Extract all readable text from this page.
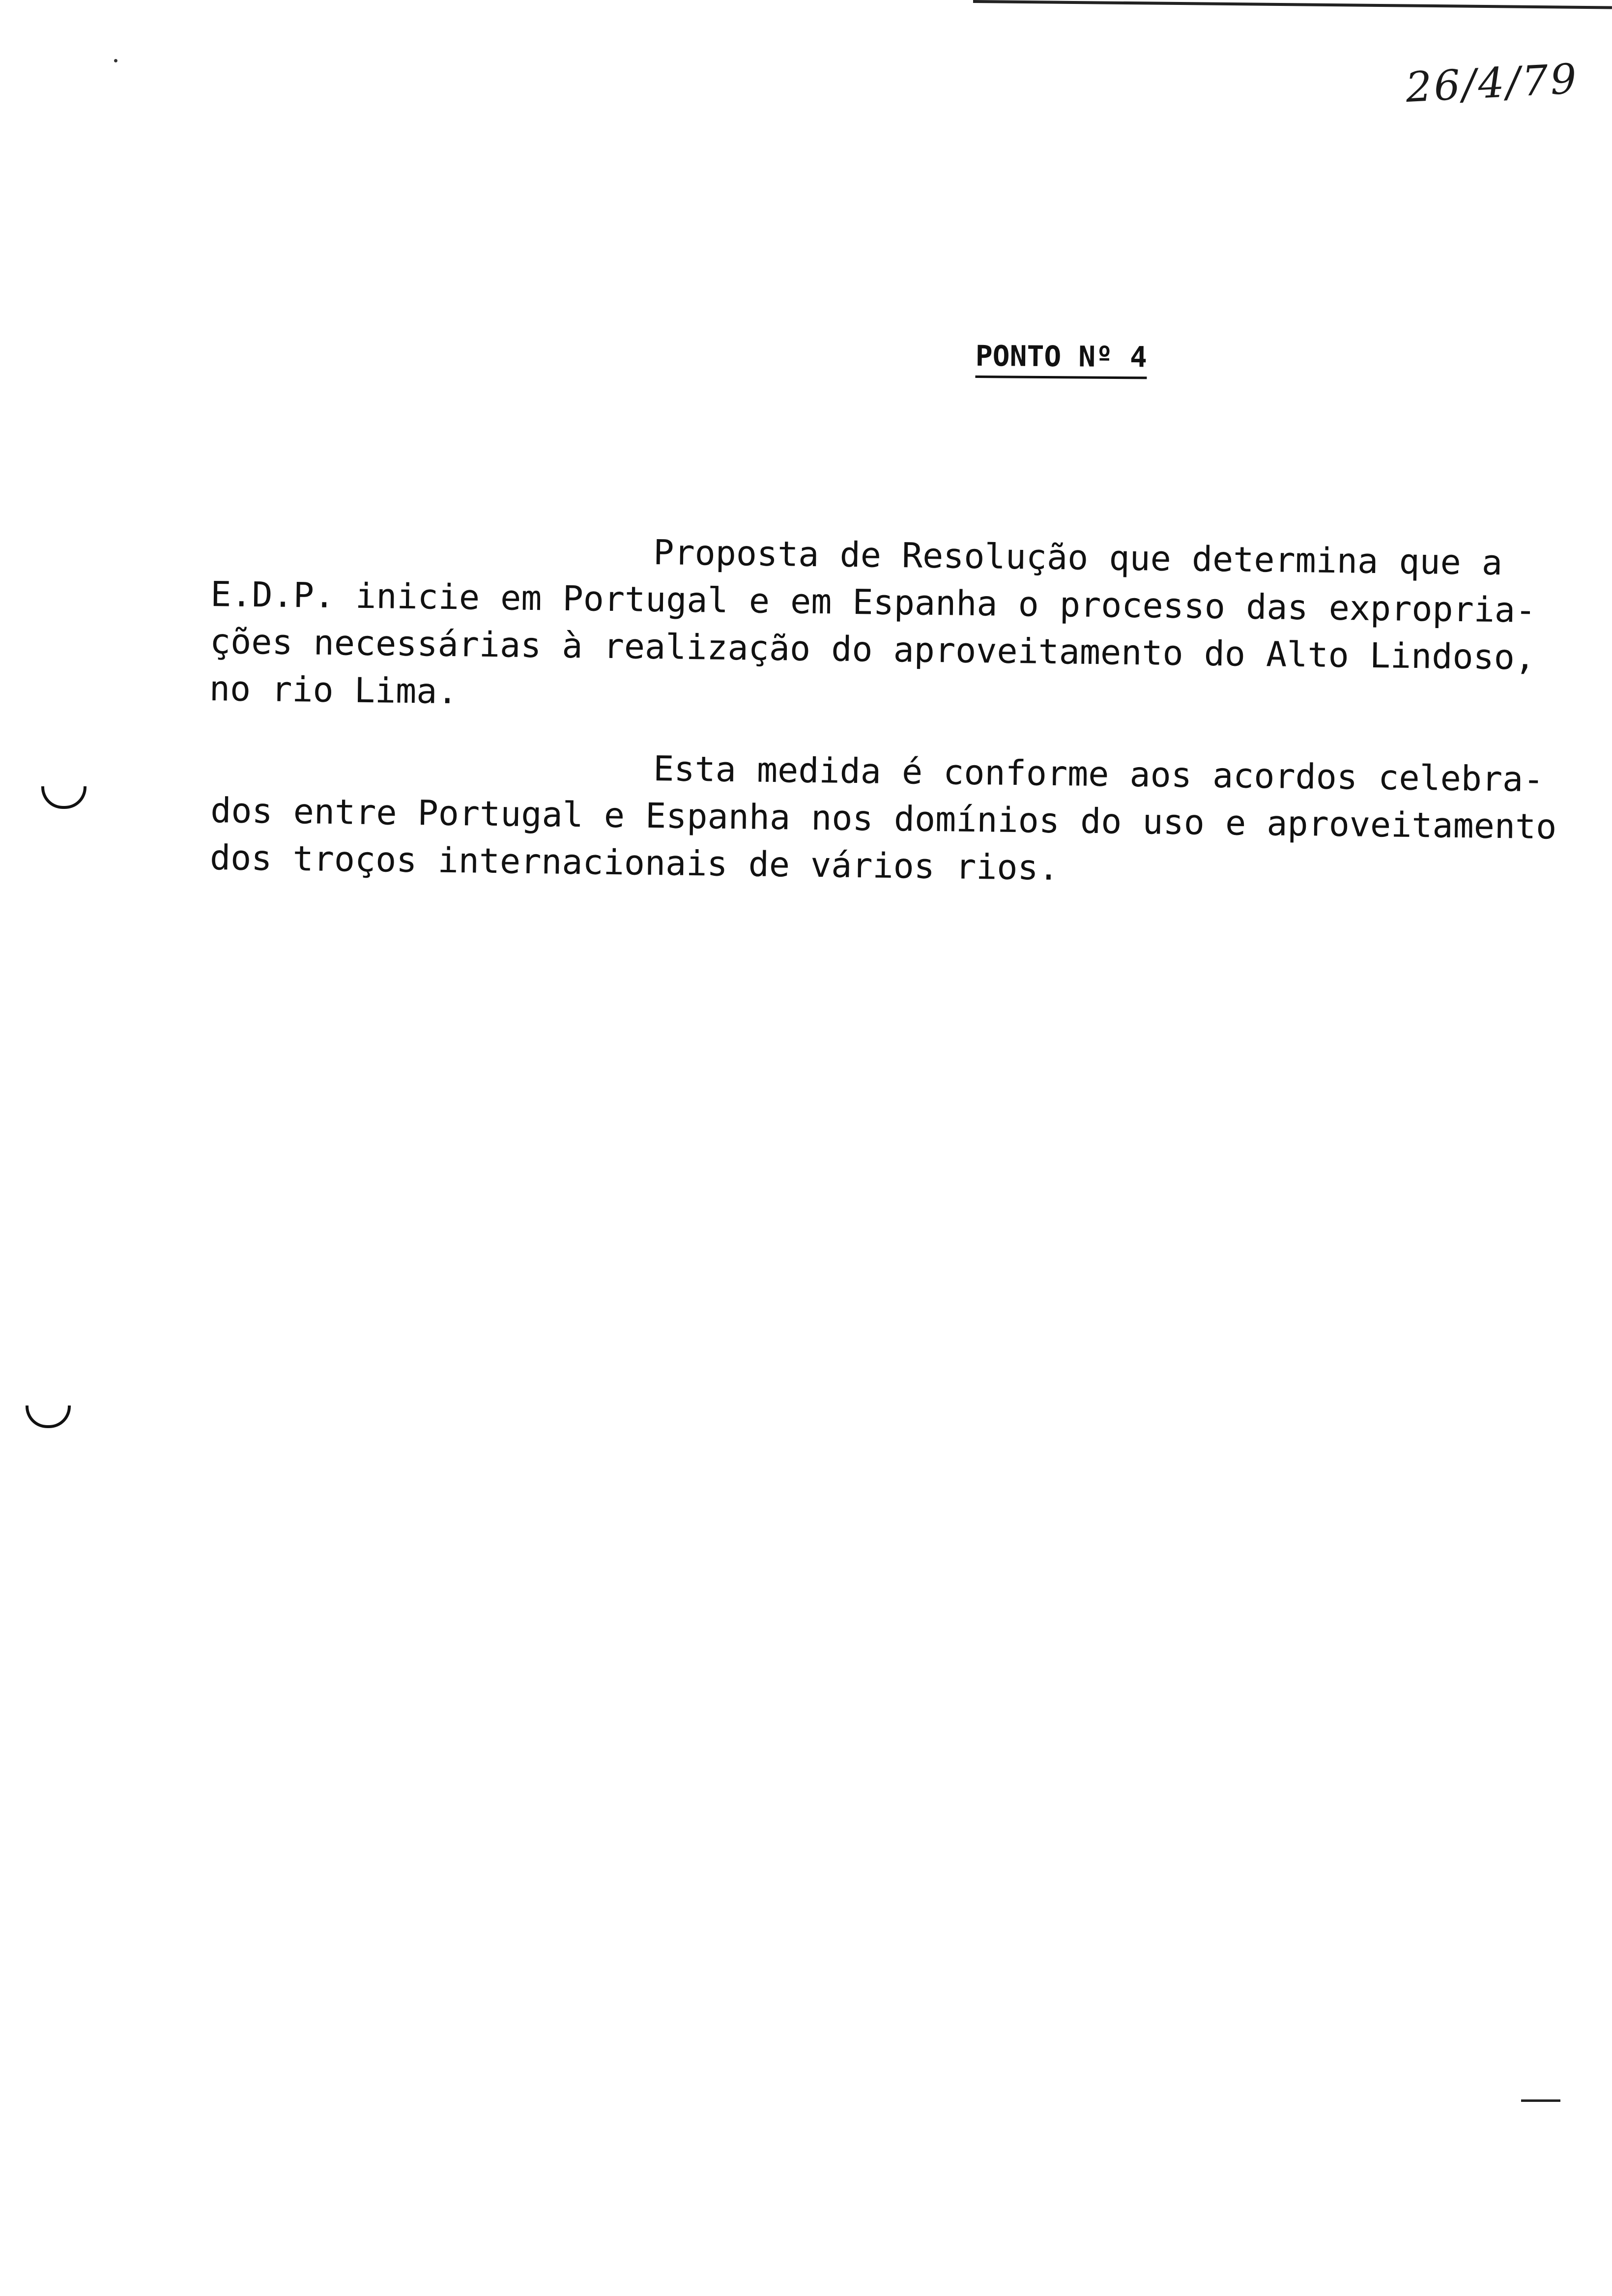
26/4/79
PONTO Nº 4
Proposta de Resolução que determina que a
E.D.P. inicie em Portugal e em Espanha o processo das expropria-
ções necessárias à realização do aproveitamento do Alto Lindoso,
no rio Lima.
Esta medida é conforme aos acordos celebra-
dos entre Portugal e Espanha nos domínios do uso e aproveitamento
dos troços internacionais de vários rios.
